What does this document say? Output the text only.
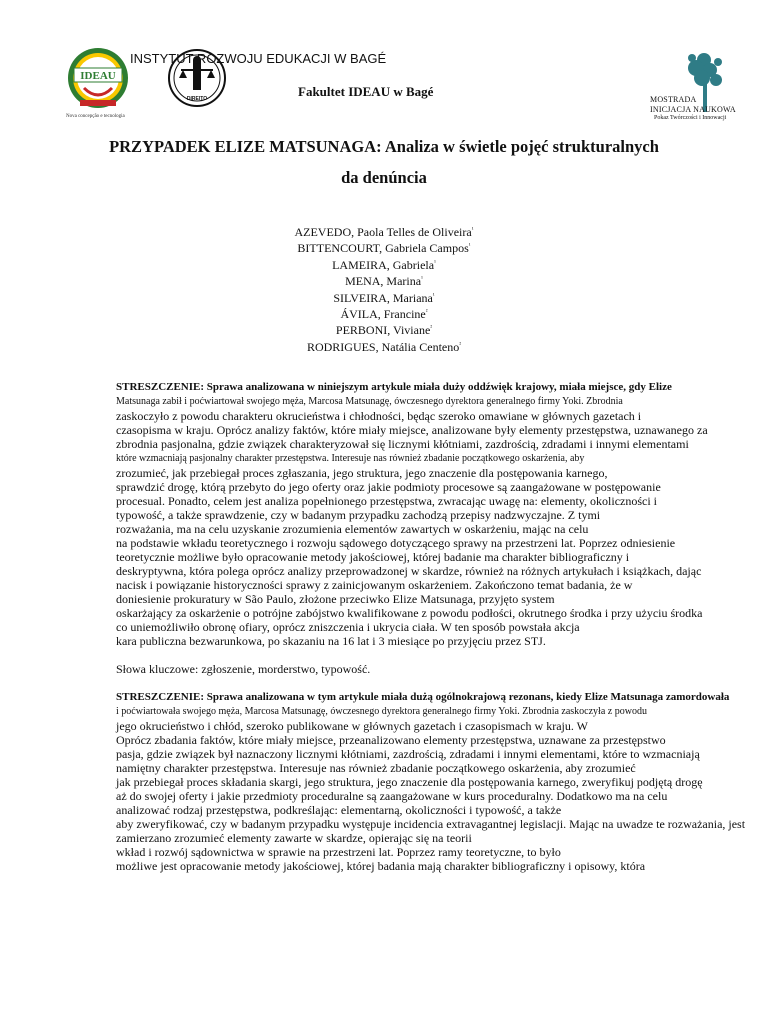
IDEAU
DIREITO
INSTYTUT ROZWOJU EDUKACJI W BAGÉ
Fakultet IDEAU w Bagé
Nova concepção e tecnologia
MOSTRADA
INICJACJA NAUKOWA
Pokaz Twórczości i Innowacji
PRZYPADEK ELIZE MATSUNAGA: Analiza w świetle pojęć strukturalnych
da denúncia
AZEVEDO, Paola Telles de Oliveira$^{^1}$
BITTENCOURT, Gabriela Campos$^{^1}$
LAMEIRA, Gabriela$^{^1}$
MENA, Marina$^{^1}$
SILVEIRA, Mariana$^{^1}$
ÁVILA, Francine$^{^2}$
PERBONI, Viviane$^{^2}$
RODRIGUES, Natália Centeno$^{^2}$
STRESZCZENIE: Sprawa analizowana w niniejszym artykule miała duży oddźwięk krajowy, miała miejsce, gdy Elize
Matsunaga zabił i poćwiartował swojego męża, Marcosa Matsunagę, ówczesnego dyrektora generalnego firmy Yoki. Zbrodnia
zaskoczyło z powodu charakteru okrucieństwa i chłodności, będąc szeroko omawiane w głównych gazetach i
czasopisma w kraju. Oprócz analizy faktów, które miały miejsce, analizowane były elementy przestępstwa, uznawanego za
zbrodnia pasjonalna, gdzie związek charakteryzował się licznymi kłótniami, zazdrością, zdradami i innymi elementami
które wzmacniają pasjonalny charakter przestępstwa. Interesuje nas również zbadanie początkowego oskarżenia, aby
zrozumieć, jak przebiegał proces zgłaszania, jego struktura, jego znaczenie dla postępowania karnego,
sprawdzić drogę, którą przebyto do jego oferty oraz jakie podmioty procesowe są zaangażowane w postępowanie
procesual. Ponadto, celem jest analiza popełnionego przestępstwa, zwracając uwagę na: elementy, okoliczności i
typowość, a także sprawdzenie, czy w badanym przypadku zachodzą przepisy nadzwyczajne. Z tymi
rozważania, ma na celu uzyskanie zrozumienia elementów zawartych w oskarżeniu, mając na celu
na podstawie wkładu teoretycznego i rozwoju sądowego dotyczącego sprawy na przestrzeni lat. Poprzez odniesienie
teoretycznie możliwe było opracowanie metody jakościowej, której badanie ma charakter bibliograficzny i
deskryptywna, która polega oprócz analizy przeprowadzonej w skardze, również na różnych artykułach i książkach, dając
nacisk i powiązanie historyczności sprawy z zainicjowanym oskarżeniem. Zakończono temat badania, że w
doniesienie prokuratury w São Paulo, złożone przeciwko Elize Matsunaga, przyjęto system
oskarżający za oskarżenie o potrójne zabójstwo kwalifikowane z powodu podłości, okrutnego środka i przy użyciu środka
co uniemożliwiło obronę ofiary, oprócz zniszczenia i ukrycia ciała. W ten sposób powstała akcja
kara publiczna bezwarunkowa, po skazaniu na 16 lat i 3 miesiące po przyjęciu przez STJ.
Słowa kluczowe: zgłoszenie, morderstwo, typowość.
STRESZCZENIE: Sprawa analizowana w tym artykule miała dużą ogólnokrajową rezonans, kiedy Elize Matsunaga zamordowała
i poćwiartowała swojego męża, Marcosa Matsunagę, ówczesnego dyrektora generalnego firmy Yoki. Zbrodnia zaskoczyła z powodu
jego okrucieństwo i chłód, szeroko publikowane w głównych gazetach i czasopismach w kraju. W
Oprócz zbadania faktów, które miały miejsce, przeanalizowano elementy przestępstwa, uznawane za przestępstwo
pasja, gdzie związek był naznaczony licznymi kłótniami, zazdrością, zdradami i innymi elementami, które to wzmacniają
namiętny charakter przestępstwa. Interesuje nas również zbadanie początkowego oskarżenia, aby zrozumieć
jak przebiegał proces składania skargi, jego struktura, jego znaczenie dla postępowania karnego, zweryfikuj podjętą drogę
aż do swojej oferty i jakie przedmioty proceduralne są zaangażowane w kurs proceduralny. Dodatkowo ma na celu
analizować rodzaj przestępstwa, podkreślając: elementarną, okoliczności i typowość, a także
aby zweryfikować, czy w badanym przypadku występuje incidencia extravagantnej legislacji. Mając na uwadze te rozważania, jest
zamierzano zrozumieć elementy zawarte w skardze, opierając się na teorii
wkład i rozwój sądownictwa w sprawie na przestrzeni lat. Poprzez ramy teoretyczne, to było
możliwe jest opracowanie metody jakościowej, której badania mają charakter bibliograficzny i opisowy, która
